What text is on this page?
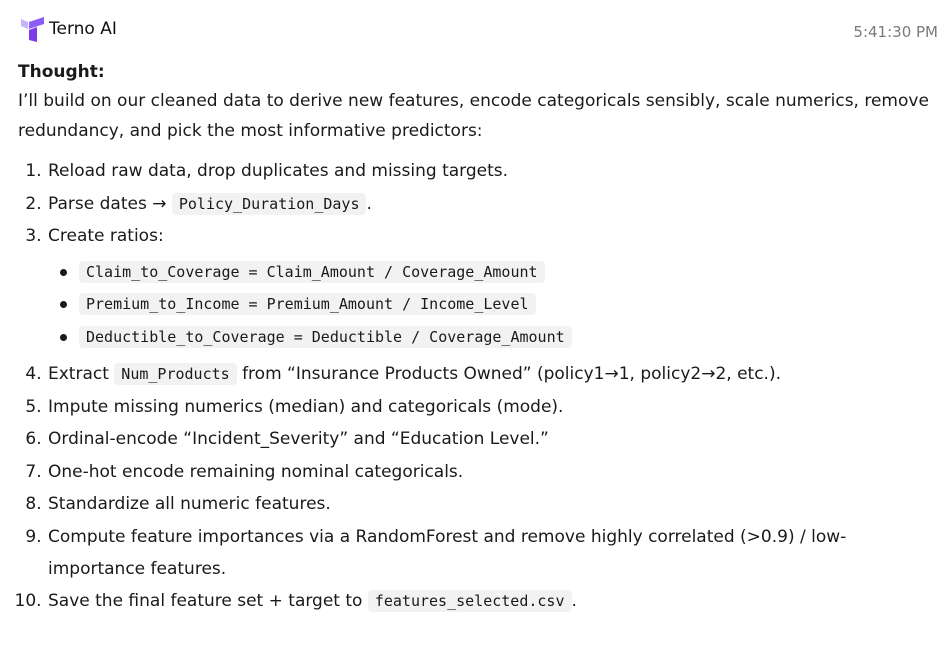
Terno AI	5:41:30 PM

Thought:

I’ll build on our cleaned data to derive new features, encode categoricals sensibly, scale numerics, remove redundancy, and pick the most informative predictors:

1. Reload raw data, drop duplicates and missing targets.
2. Parse dates → Policy_Duration_Days .
3. Create ratios:
Claim_to_Coverage = Claim_Amount / Coverage_Amount
Premium_to_Income = Premium_Amount / Income_Level
Deductible_to_Coverage = Deductible / Coverage_Amount
4. Extract Num_Products from “Insurance Products Owned” (policy1→1, policy2→2, etc.).
5. Impute missing numerics (median) and categoricals (mode).
6. Ordinal-encode “Incident_Severity” and “Education Level.”
7. One-hot encode remaining nominal categoricals.
8. Standardize all numeric features.
9. Compute feature importances via a RandomForest and remove highly correlated (>0.9) / low-importance features.
10. Save the final feature set + target to features_selected.csv .
